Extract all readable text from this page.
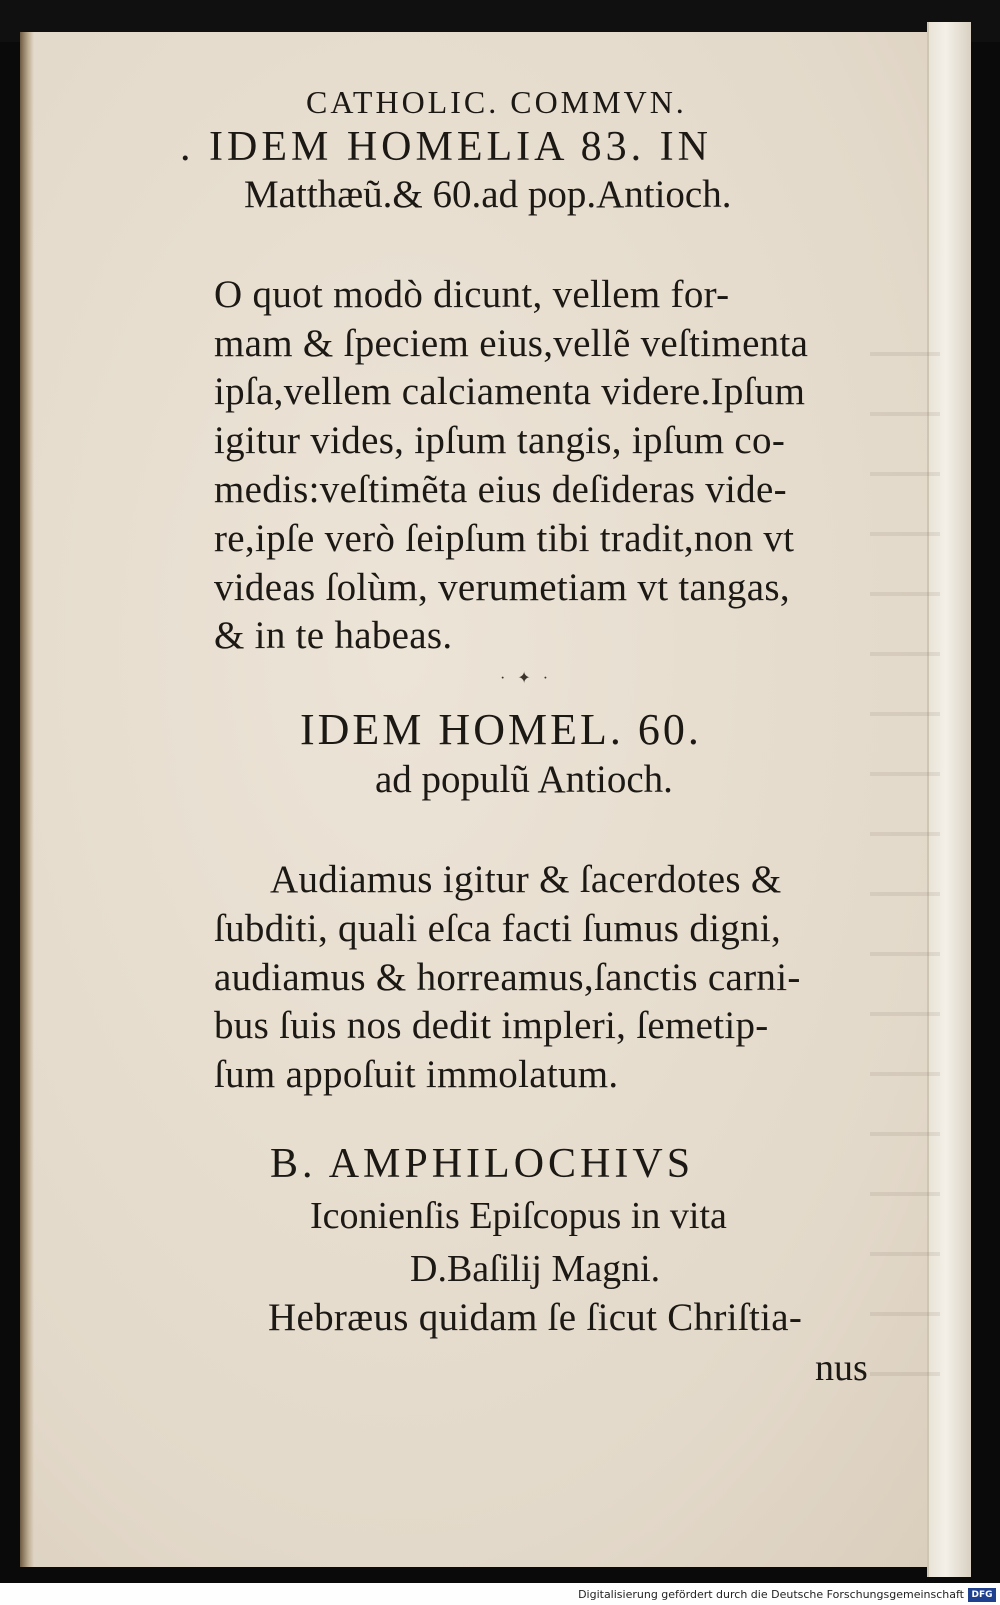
CATHOLIC. COMMVN.
. IDEM HOMELIA 83. IN
Matthæũ.& 60.ad pop.Antioch.
O quot modò dicunt, vellem for-
mam & ſpeciem eius,vellẽ veſtimenta
ipſa,vellem calciamenta videre.Ipſum
igitur vides, ipſum tangis, ipſum co-
medis:veſtimẽta eius deſideras vide-
re,ipſe verò ſeipſum tibi tradit,non vt
videas ſolùm, verumetiam vt tangas,
& in te habeas.
· ✦ ·
IDEM HOMEL. 60.
ad populũ Antioch.
Audiamus igitur & ſacerdotes &
ſubditi, quali eſca facti ſumus digni,
audiamus & horreamus,ſanctis carni-
bus ſuis nos dedit impleri, ſemetip-
ſum appoſuit immolatum.
B. AMPHILOCHIVS
Iconienſis Epiſcopus in vita
D.Baſilij Magni.
Hebræus quidam ſe ſicut Chriſtia-
nus
Digitalisierung gefördert durch die Deutsche Forschungsgemeinschaft DFG
